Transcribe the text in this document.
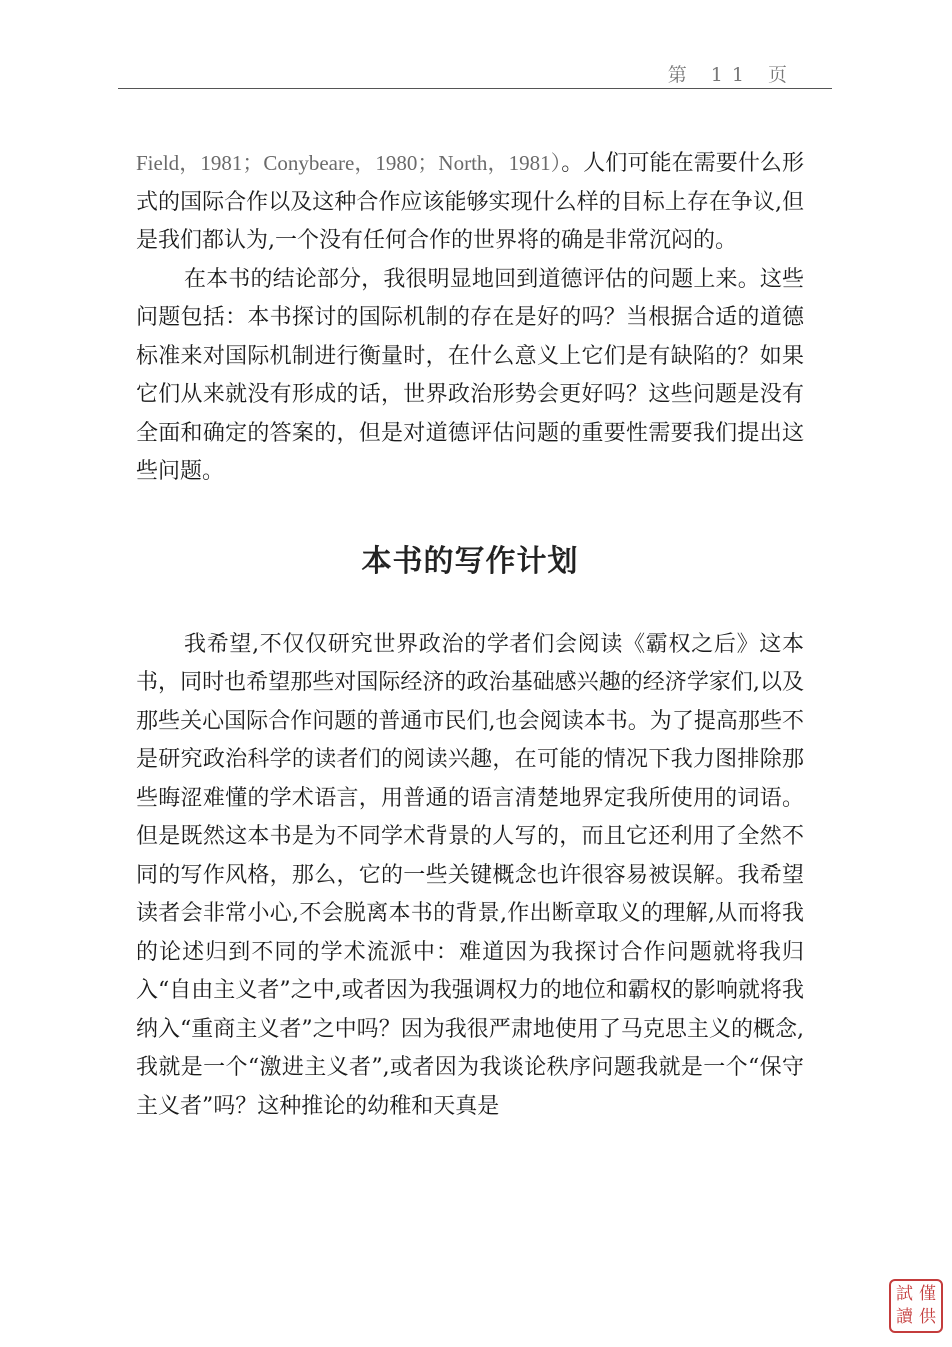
第 11 页

Field，1981；Conybeare，1980；North，1981）。人们可能在需要什么形式的国际合作以及这种合作应该能够实现什么样的目标上存在争议,但是我们都认为,一个没有任何合作的世界将的确是非常沉闷的。

在本书的结论部分，我很明显地回到道德评估的问题上来。这些问题包括：本书探讨的国际机制的存在是好的吗？当根据合适的道德标准来对国际机制进行衡量时，在什么意义上它们是有缺陷的？如果它们从来就没有形成的话，世界政治形势会更好吗？这些问题是没有全面和确定的答案的，但是对道德评估问题的重要性需要我们提出这些问题。

本书的写作计划

我希望,不仅仅研究世界政治的学者们会阅读《霸权之后》这本书，同时也希望那些对国际经济的政治基础感兴趣的经济学家们,以及那些关心国际合作问题的普通市民们,也会阅读本书。为了提高那些不是研究政治科学的读者们的阅读兴趣，在可能的情况下我力图排除那些晦涩难懂的学术语言，用普通的语言清楚地界定我所使用的词语。但是既然这本书是为不同学术背景的人写的，而且它还利用了全然不同的写作风格，那么，它的一些关键概念也许很容易被误解。我希望读者会非常小心,不会脱离本书的背景,作出断章取义的理解,从而将我的论述归到不同的学术流派中：难道因为我探讨合作问题就将我归入“自由主义者”之中,或者因为我强调权力的地位和霸权的影响就将我纳入“重商主义者”之中吗？因为我很严肃地使用了马克思主义的概念,我就是一个“激进主义者”,或者因为我谈论秩序问题我就是一个“保守主义者”吗？这种推论的幼稚和天真是

試 僅
讀 供
